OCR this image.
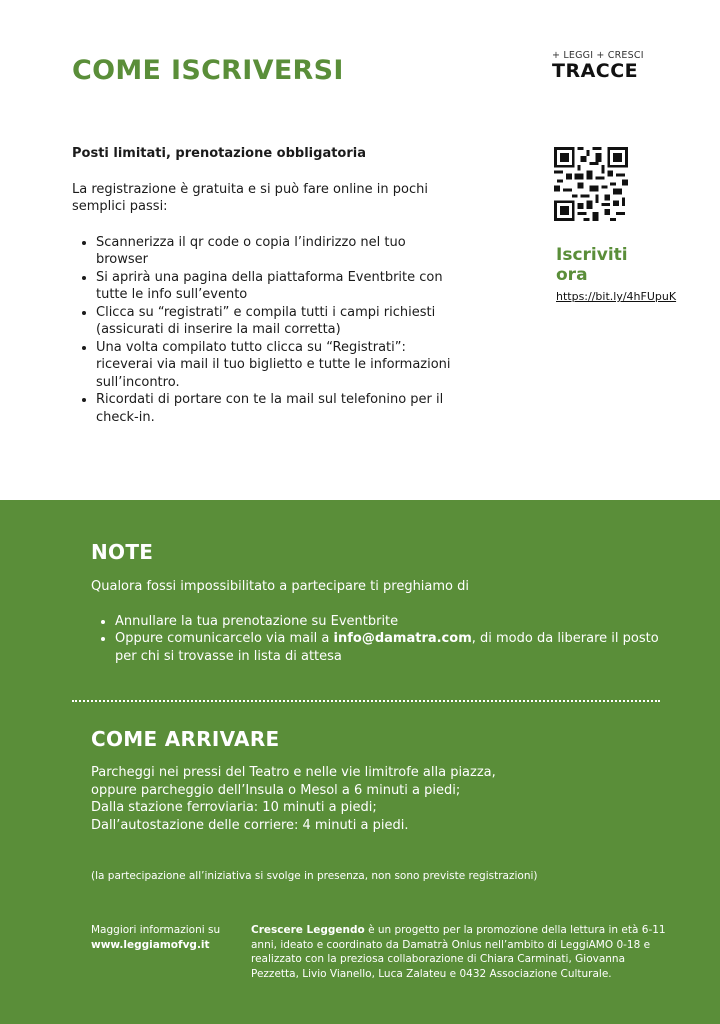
COME ISCRIVERSI	+ LEGGI + CRESCI
TRACCE

Posti limitati, prenotazione obbligatoria

La registrazione è gratuita e si può fare online in pochi semplici passi:

• Scannerizza il qr code o copia l’indirizzo nel tuo browser
• Si aprirà una pagina della piattaforma Eventbrite con tutte le info sull’evento
• Clicca su “registrati” e compila tutti i campi richiesti (assicurati di inserire la mail corretta)
• Una volta compilato tutto clicca su “Registrati”: riceverai via mail il tuo biglietto e tutte le informazioni sull’incontro.
• Ricordati di portare con te la mail sul telefonino per il check-in.

Iscriviti ora

https://bit.ly/4hFUpuK
NOTE
Qualora fossi impossibilitato a partecipare ti preghiamo di
• Annullare la tua prenotazione su Eventbrite
• Oppure comunicarcelo via mail a info@damatra.com, di modo da liberare il posto per chi si trovasse in lista di attesa
COME ARRIVARE
Parcheggi nei pressi del Teatro e nelle vie limitrofe alla piazza,
oppure parcheggio dell’Insula o Mesol a 6 minuti a piedi;
Dalla stazione ferroviaria: 10 minuti a piedi;
Dall’autostazione delle corriere: 4 minuti a piedi.
(la partecipazione all’iniziativa si svolge in presenza, non sono previste registrazioni)
Maggiori informazioni su
www.leggiamofvg.it
Crescere Leggendo è un progetto per la promozione della lettura in età 6-11 anni, ideato e coordinato da Damatrà Onlus nell’ambito di LeggiAMO 0-18 e realizzato con la preziosa collaborazione di Chiara Carminati, Giovanna Pezzetta, Livio Vianello, Luca Zalateu e 0432 Associazione Culturale.
